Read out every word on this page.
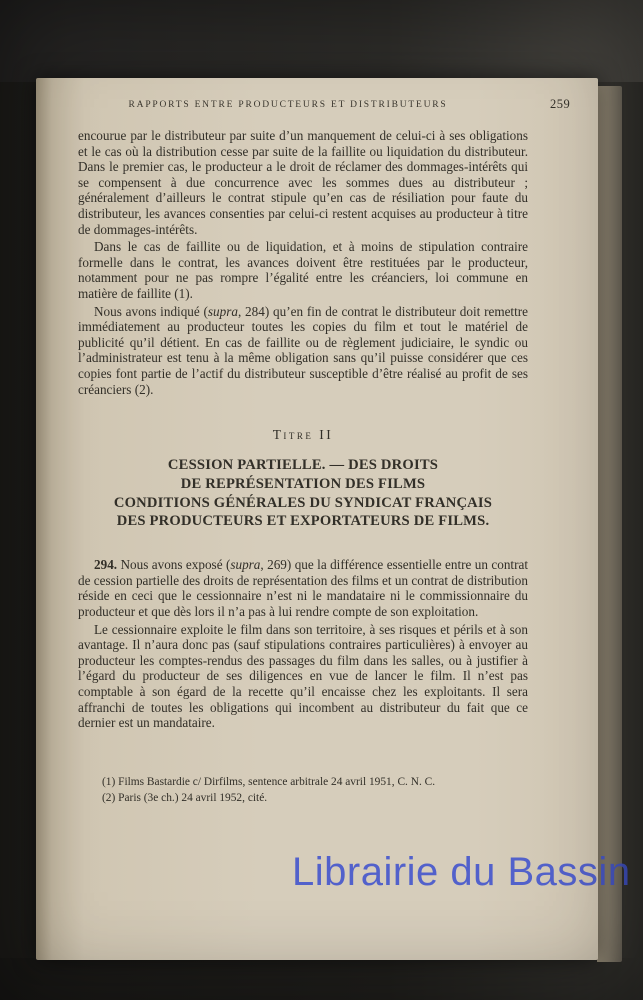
RAPPORTS ENTRE PRODUCTEURS ET DISTRIBUTEURS	259

encourue par le distributeur par suite d’un manquement de celui-ci à ses obligations et le cas où la distribution cesse par suite de la faillite ou liquidation du distributeur. Dans le premier cas, le producteur a le droit de réclamer des dommages-intérêts qui se compensent à due concurrence avec les sommes dues au distributeur ; généralement d’ailleurs le contrat stipule qu’en cas de résiliation pour faute du distributeur, les avances consenties par celui-ci restent acquises au producteur à titre de dommages-intérêts.

Dans le cas de faillite ou de liquidation, et à moins de stipulation contraire formelle dans le contrat, les avances doivent être restituées par le producteur, notamment pour ne pas rompre l’égalité entre les créanciers, loi commune en matière de faillite (1).

Nous avons indiqué (supra, 284) qu’en fin de contrat le distributeur doit remettre immédiatement au producteur toutes les copies du film et tout le matériel de publicité qu’il détient. En cas de faillite ou de règlement judiciaire, le syndic ou l’administrateur est tenu à la même obligation sans qu’il puisse considérer que ces copies font partie de l’actif du distributeur susceptible d’être réalisé au profit de ses créanciers (2).

Titre II
CESSION PARTIELLE. — DES DROITS
DE REPRÉSENTATION DES FILMS
CONDITIONS GÉNÉRALES DU SYNDICAT FRANÇAIS
DES PRODUCTEURS ET EXPORTATEURS DE FILMS.

294. Nous avons exposé (supra, 269) que la différence essentielle entre un contrat de cession partielle des droits de représentation des films et un contrat de distribution réside en ceci que le cessionnaire n’est ni le mandataire ni le commissionnaire du producteur et que dès lors il n’a pas à lui rendre compte de son exploitation.

Le cessionnaire exploite le film dans son territoire, à ses risques et périls et à son avantage. Il n’aura donc pas (sauf stipulations contraires particulières) à envoyer au producteur les comptes-rendus des passages du film dans les salles, ou à justifier à l’égard du producteur de ses diligences en vue de lancer le film. Il n’est pas comptable à son égard de la recette qu’il encaisse chez les exploitants. Il sera affranchi de toutes les obligations qui incombent au distributeur du fait que ce dernier est un mandataire.

(1) Films Bastardie c/ Dirfilms, sentence arbitrale 24 avril 1951, C. N. C.

(2) Paris (3e ch.) 24 avril 1952, cité.

Librairie du Bassin
